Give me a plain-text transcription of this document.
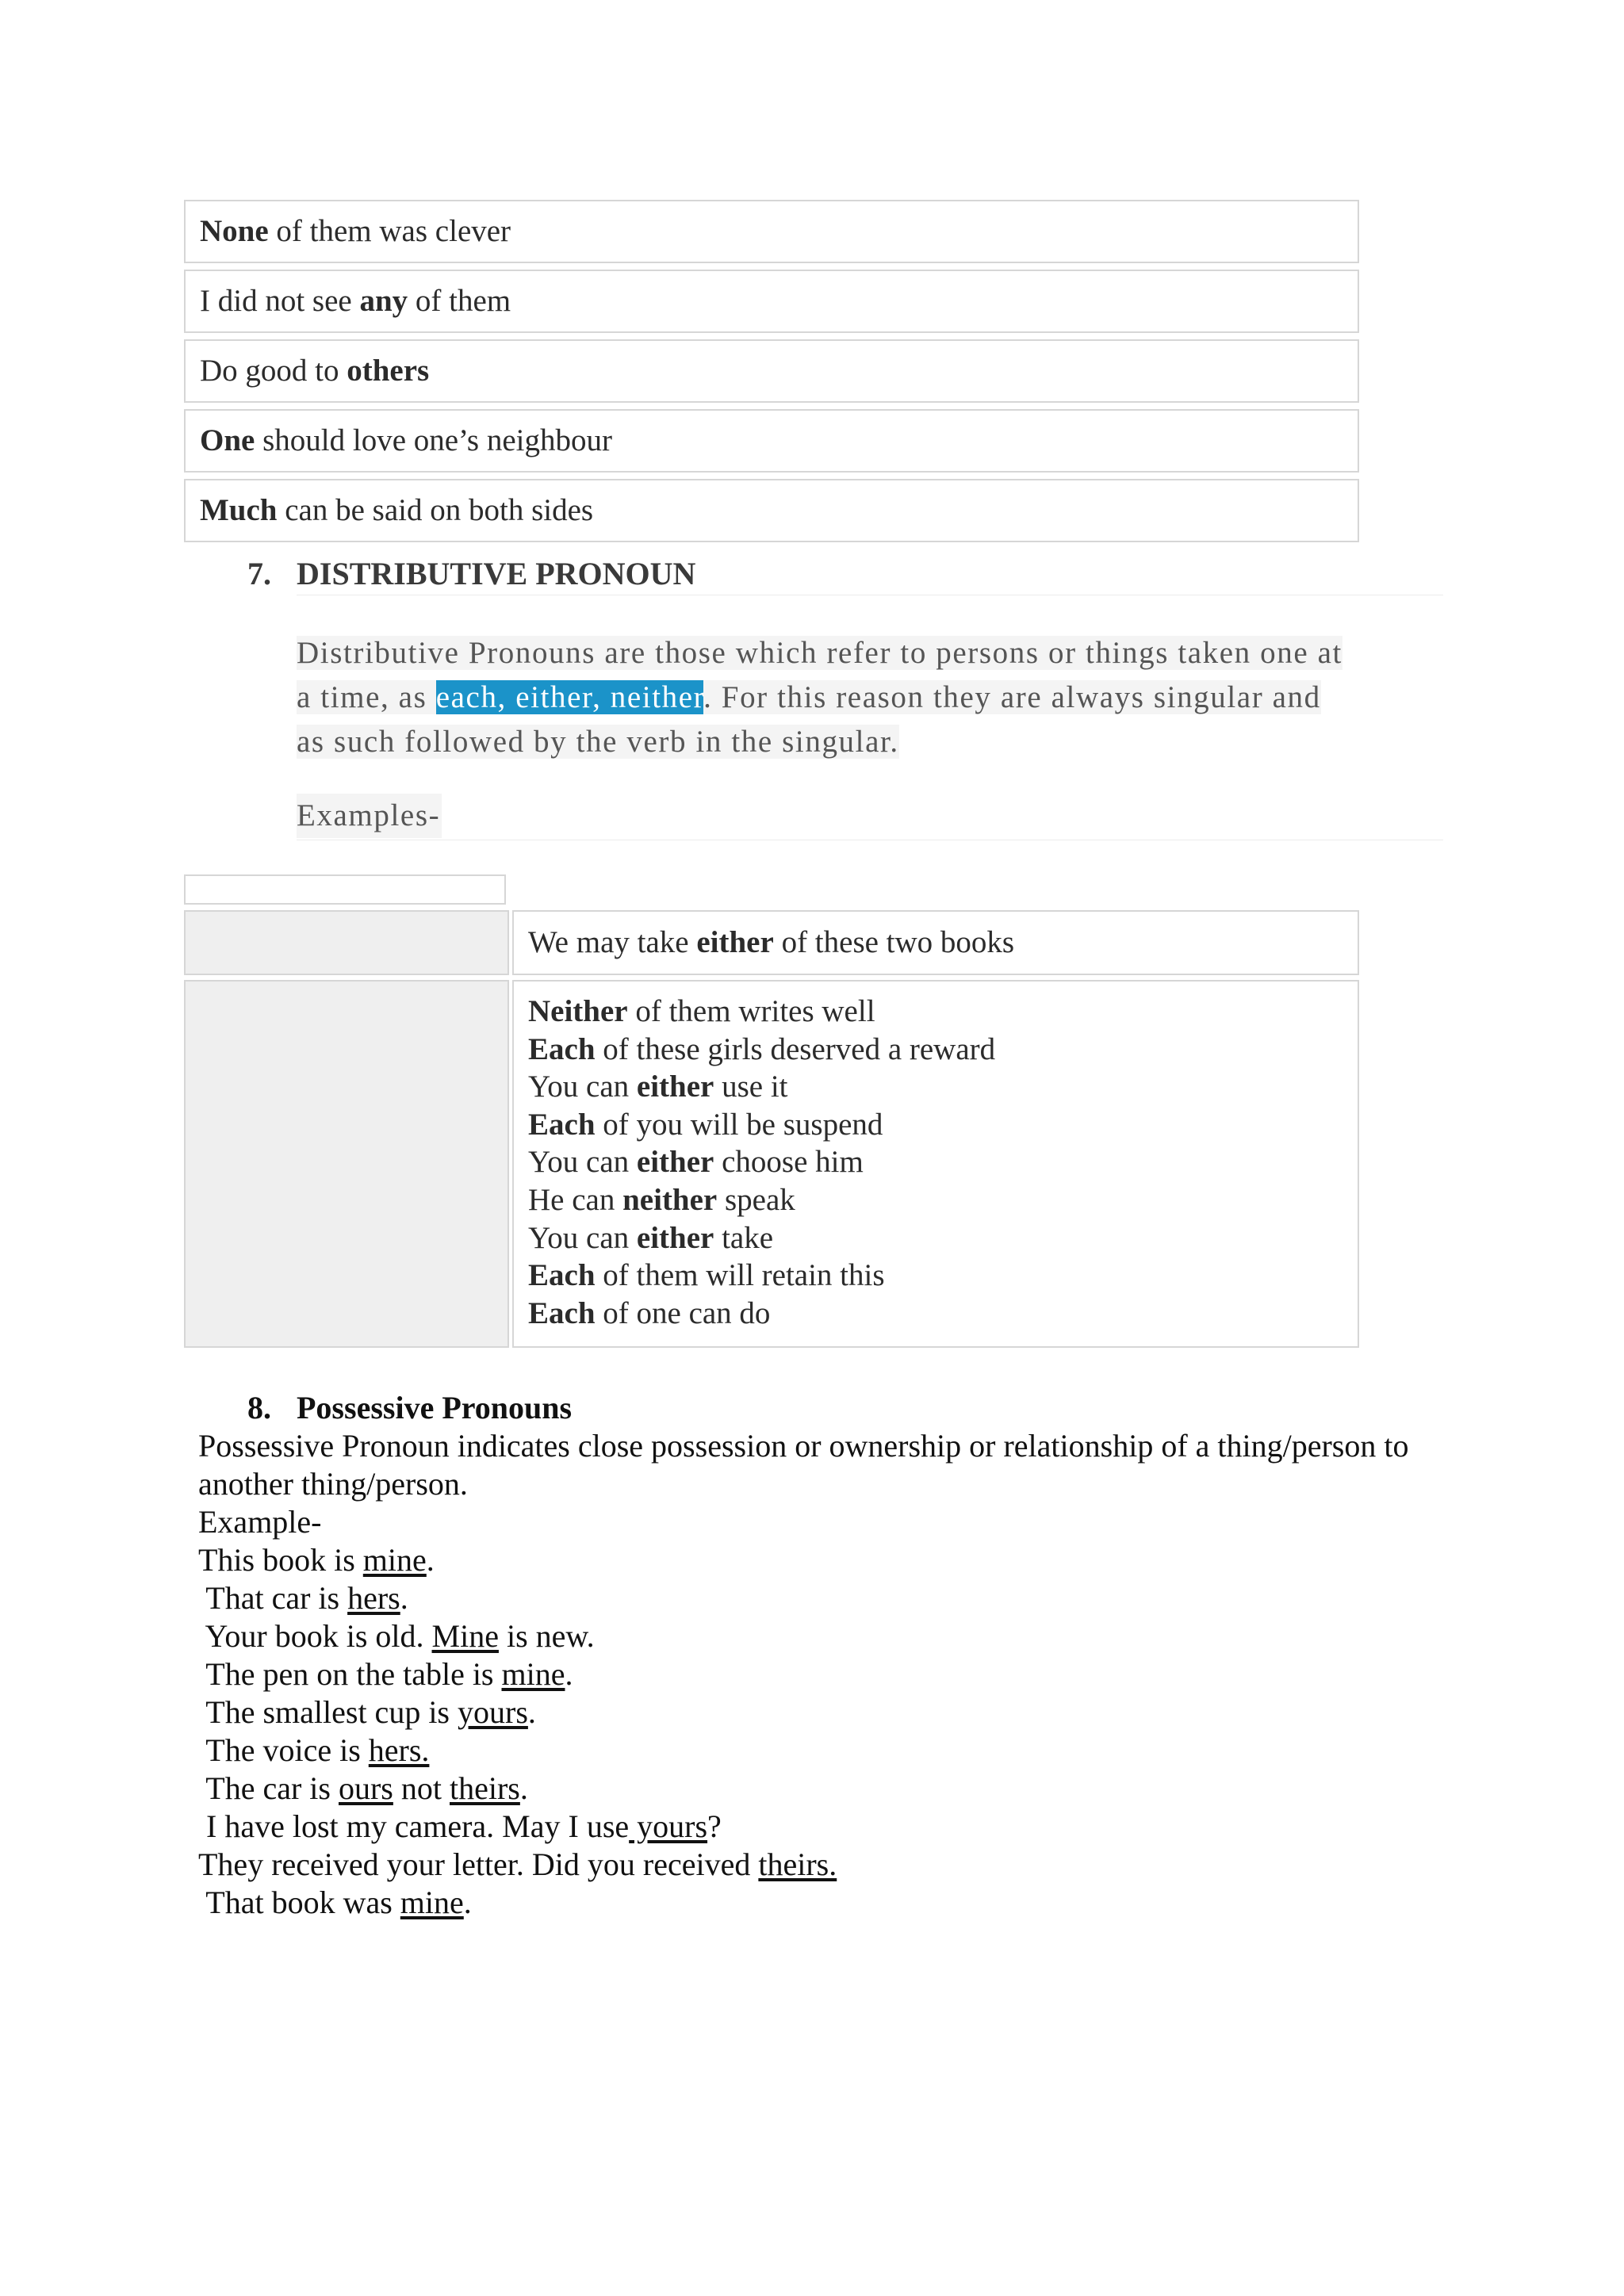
None of them was clever
I did not see any of them
Do good to others
One should love one’s neighbour
Much can be said on both sides
7. DISTRIBUTIVE PRONOUN
Distributive Pronouns are those which refer to persons or things taken one at
a time, as each, either, neither. For this reason they are always singular and
as such followed by the verb in the singular.
Examples-
We may take either of these two books
Neither of them writes well
Each of these girls deserved a reward
You can either use it
Each of you will be suspend
You can either choose him
He can neither speak
You can either take
Each of them will retain this
Each of one can do
8. Possessive Pronouns
Possessive Pronoun indicates close possession or ownership or relationship of a thing/person to another thing/person.
Example-
This book is mine.
That car is hers.
Your book is old. Mine is new.
The pen on the table is mine.
The smallest cup is yours.
The voice is hers.
The car is ours not theirs.
I have lost my camera. May I use yours?
They received your letter. Did you received theirs.
That book was mine.
